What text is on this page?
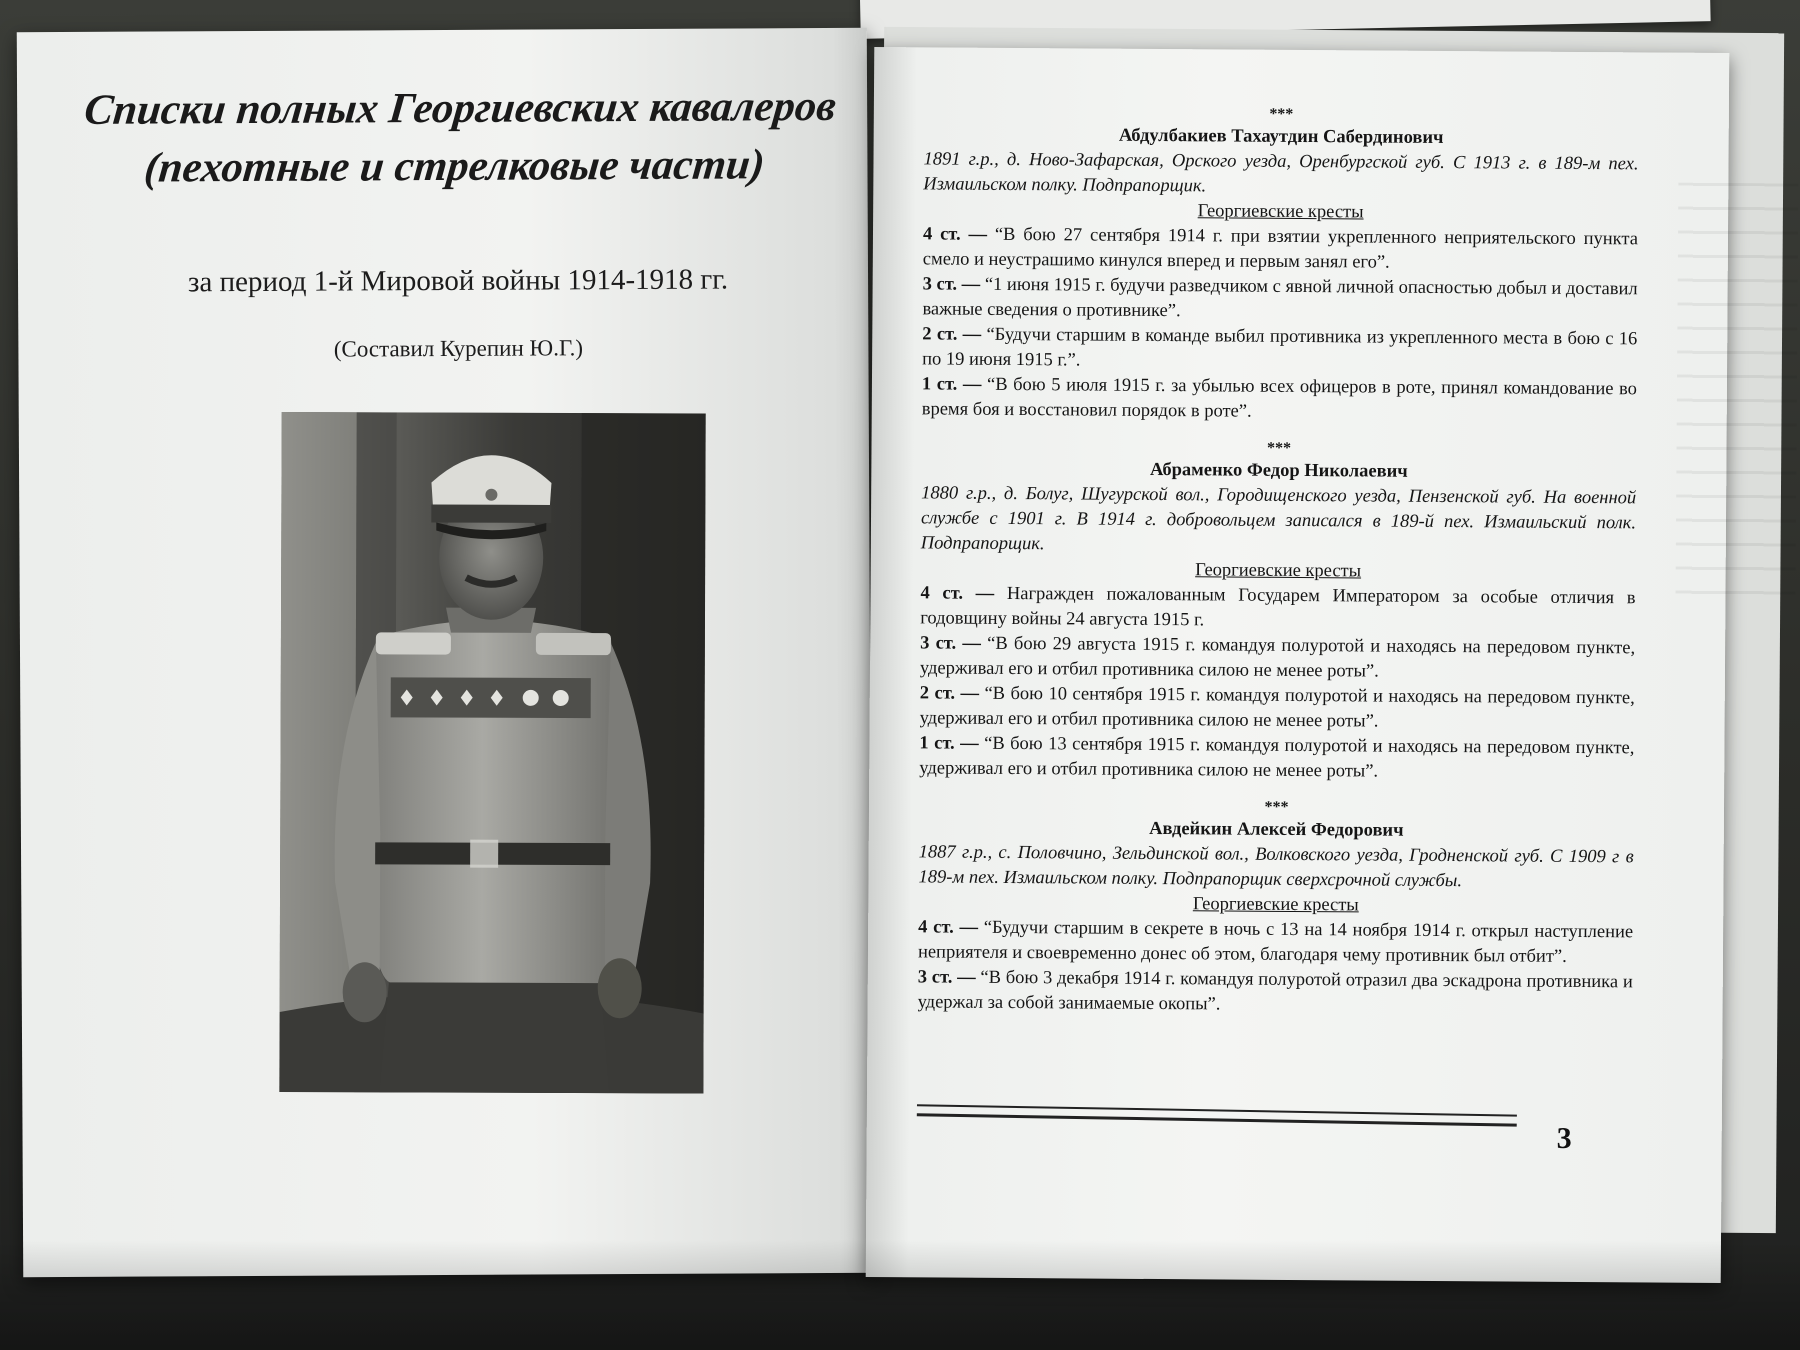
Списки полных Георгиевских кавалеров
(пехотные и стрелковые части)
за период 1-й Мировой войны 1914-1918 гг.
(Составил Курепин Ю.Г.)
***
Абдулбакиев Тахаутдин Сабердинович
1891 г.р., д. Ново-Зафарская, Орского уезда, Оренбургской губ. С 1913 г. в 189-м пех. Измаильском полку. Подпрапорщик.
Георгиевские кресты
4 ст. — “В бою 27 сентября 1914 г. при взятии укрепленного неприятельского пункта смело и неустрашимо кинулся вперед и первым занял его”.
3 ст. — “1 июня 1915 г. будучи разведчиком с явной личной опасностью добыл и доставил важные сведения о противнике”.
2 ст. — “Будучи старшим в команде выбил противника из укрепленного места в бою с 16 по 19 июня 1915 г.”.
1 ст. — “В бою 5 июля 1915 г. за убылью всех офицеров в роте, принял командование во время боя и восстановил порядок в роте”.
***
Абраменко Федор Николаевич
1880 г.р., д. Болуг, Шугурской вол., Городищенского уезда, Пензенской губ. На военной службе с 1901 г. В 1914 г. добровольцем записался в 189-й пех. Измаильский полк. Подпрапорщик.
Георгиевские кресты
4 ст. — Награжден пожалованным Государем Императором за особые отличия в годовщину войны 24 августа 1915 г.
3 ст. — “В бою 29 августа 1915 г. командуя полуротой и находясь на передовом пункте, удерживал его и отбил противника силою не менее роты”.
2 ст. — “В бою 10 сентября 1915 г. командуя полуротой и находясь на передовом пункте, удерживал его и отбил противника силою не менее роты”.
1 ст. — “В бою 13 сентября 1915 г. командуя полуротой и находясь на передовом пункте, удерживал его и отбил противника силою не менее роты”.
***
Авдейкин Алексей Федорович
1887 г.р., с. Половчино, Зельдинской вол., Волковского уезда, Гродненской губ. С 1909 г в 189-м пех. Измаильском полку. Подпрапорщик сверхсрочной службы.
Георгиевские кресты
4 ст. — “Будучи старшим в секрете в ночь с 13 на 14 ноября 1914 г. открыл наступление неприятеля и своевременно донес об этом, благодаря чему противник был отбит”.
3 ст. — “В бою 3 декабря 1914 г. командуя полуротой отразил два эскадрона противника и удержал за собой занимаемые окопы”.
3
